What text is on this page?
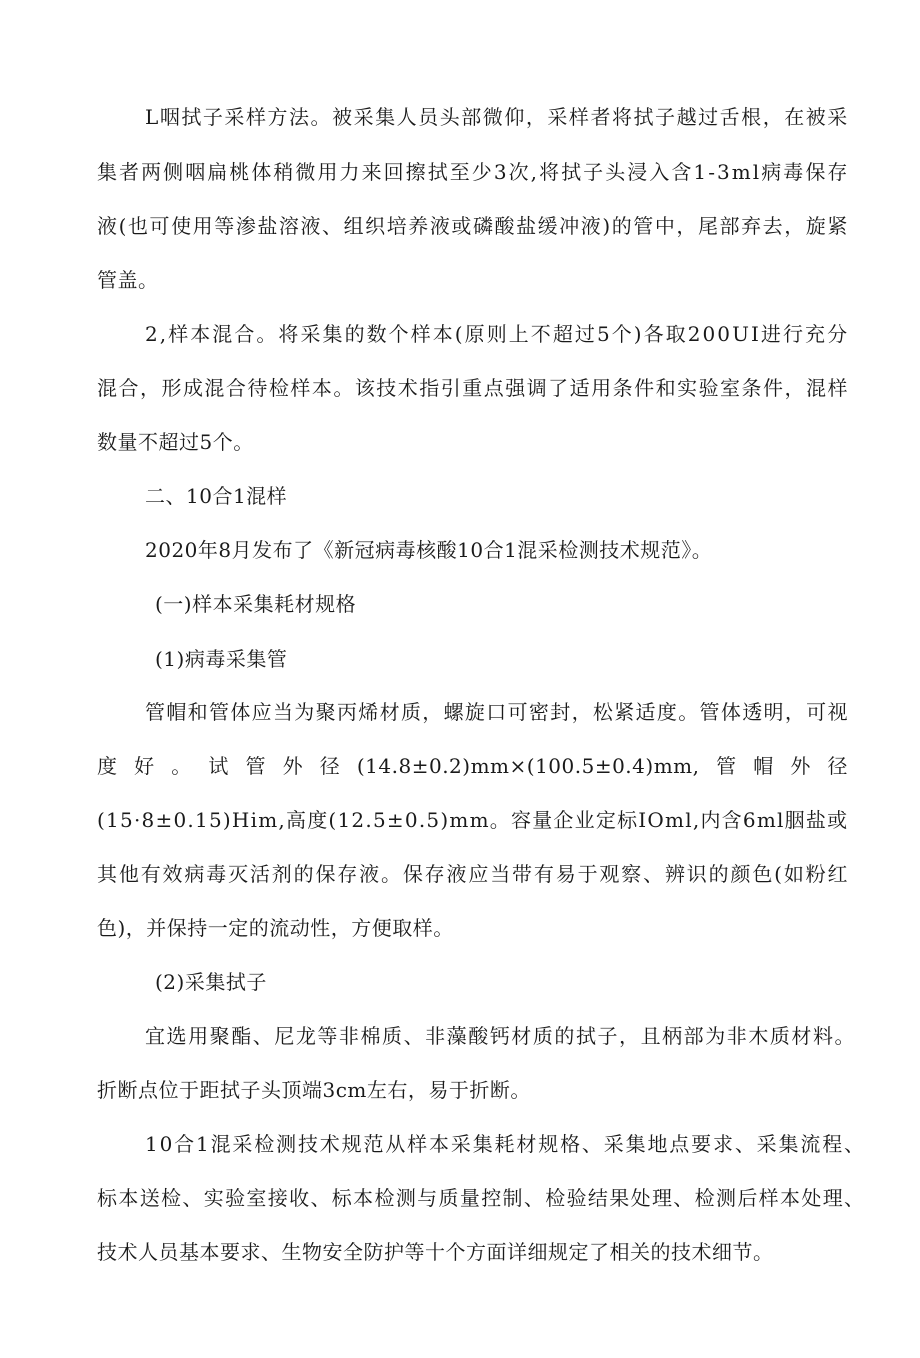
L 咽 拭 子 采 样 方 法 。 被 采 集 人 员 头 部 微 仰 ， 采 样 者 将 拭 子 越 过 舌 根 ， 在 被 采
集 者 两 侧 咽 扁 桃 体 稍 微 用 力 来 回 擦 拭 至 少 3 次 , 将 拭 子 头 浸 入 含 1 - 3 m l 病 毒 保 存
液 ( 也 可 使 用 等 渗 盐 溶 液 、 组 织 培 养 液 或 磷 酸 盐 缓 冲 液 ) 的 管 中 ， 尾 部 弃 去 ， 旋 紧
管盖。
2 , 样 本 混 合 。 将 采 集 的 数 个 样 本 ( 原 则 上 不 超 过 5 个 ) 各 取 2 0 0 U I 进 行 充 分
混 合 ， 形 成 混 合 待 检 样 本 。 该 技 术 指 引 重 点 强 调 了 适 用 条 件 和 实 验 室 条 件 ， 混 样
数量不超过5个。
二、10合1混样
2020年8月发布了《新冠病毒核酸10合1混采检测技术规范》。
(一)样本采集耗材规格
(1)病毒采集管
管 帽 和 管 体 应 当 为 聚 丙 烯 材 质 ， 螺 旋 口 可 密 封 ， 松 紧 适 度 。 管 体 透 明 ， 可 视
度 好 。 试 管 外 径 (14.8±0.2)mm×(100.5±0.4)mm, 管 帽 外 径
( 1 5 · 8 ± 0 . 1 5 ) H i m , 高 度 ( 1 2 . 5 ± 0 . 5 ) m m 。 容 量 企 业 定 标 I O m l , 内 含 6 m l 胭 盐 或
其 他 有 效 病 毒 灭 活 剂 的 保 存 液 。 保 存 液 应 当 带 有 易 于 观 察 、 辨 识 的 颜 色 ( 如 粉 红
色)，并保持一定的流动性，方便取样。
(2)采集拭子
宜 选 用 聚 酯 、 尼 龙 等 非 棉 质 、 非 藻 酸 钙 材 质 的 拭 子 ， 且 柄 部 为 非 木 质 材 料 。
折断点位于距拭子头顶端3cm左右，易于折断。
1 0 合 1 混 采 检 测 技 术 规 范 从 样 本 采 集 耗 材 规 格 、 采 集 地 点 要 求 、 采 集 流 程 、
标 本 送 检 、 实 验 室 接 收 、 标 本 检 测 与 质 量 控 制 、 检 验 结 果 处 理 、 检 测 后 样 本 处 理 、
技术人员基本要求、生物安全防护等十个方面详细规定了相关的技术细节。
